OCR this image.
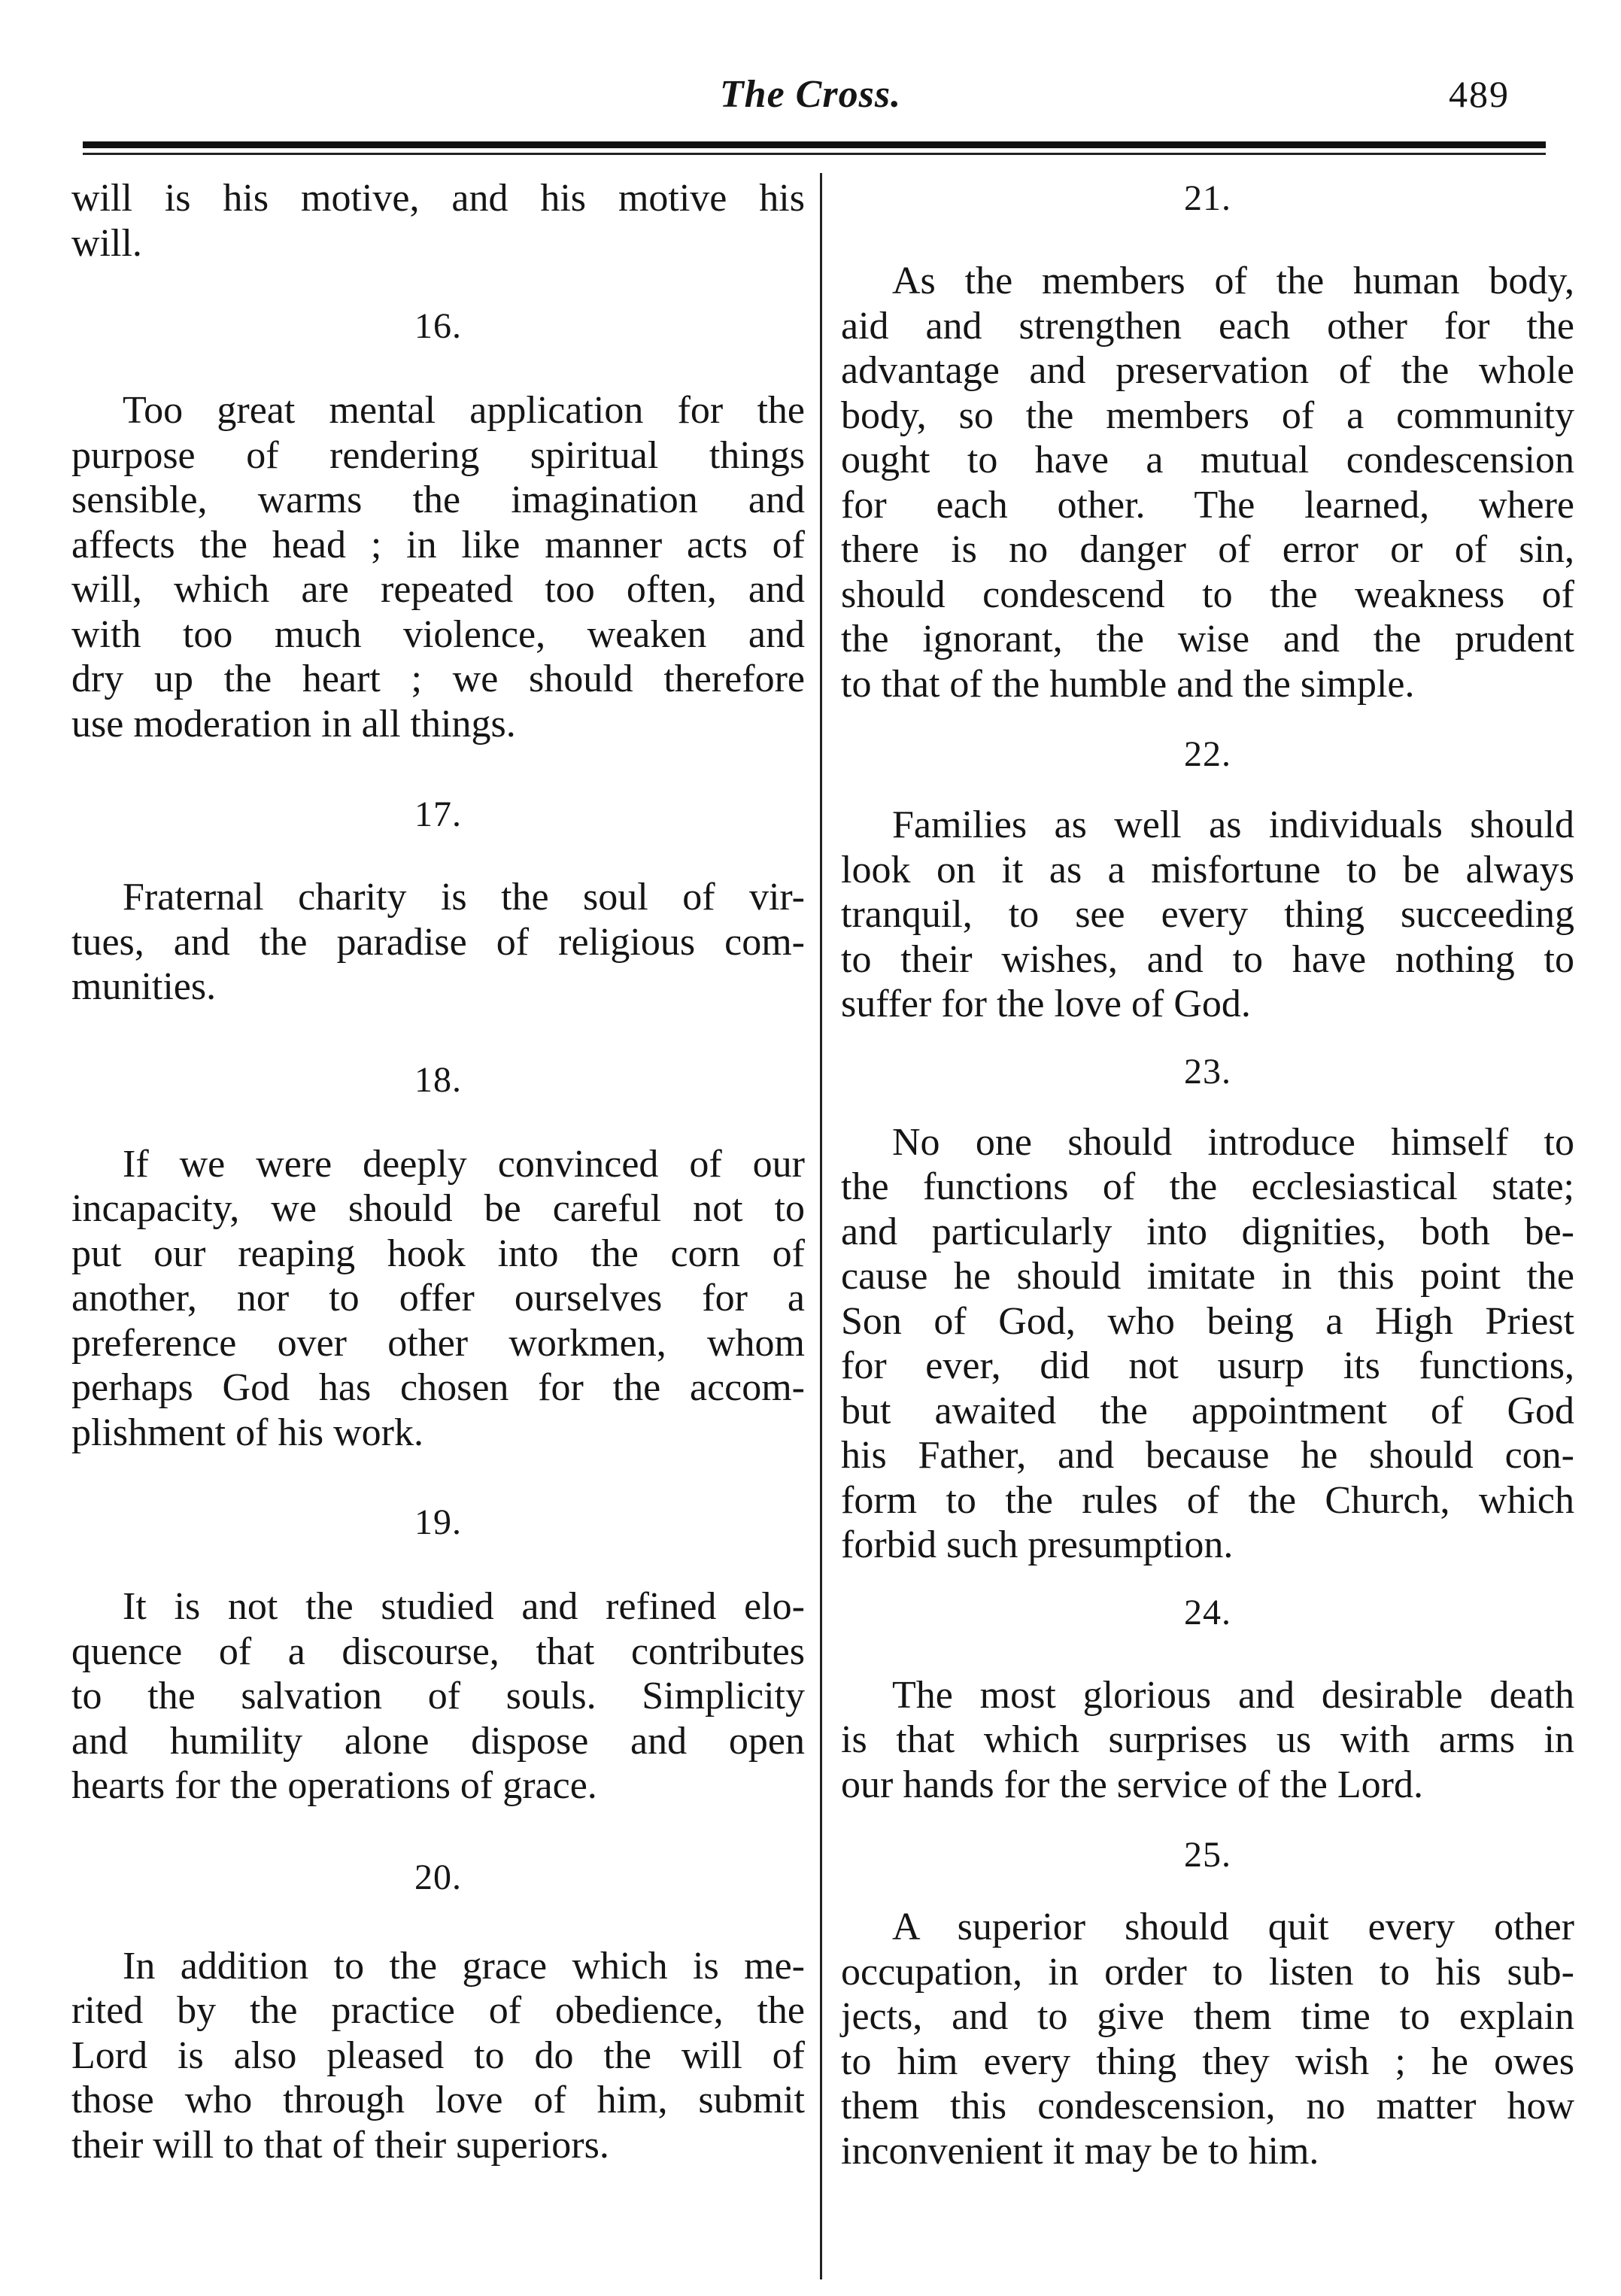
The Cross.	489
will is his motive, and his motive his
will.
16.
Too great mental application for the
purpose of rendering spiritual things
sensible, warms the imagination and
affects the head ; in like manner acts of
will, which are repeated too often, and
with too much violence, weaken and
dry up the heart ; we should therefore
use moderation in all things.
17.
Fraternal charity is the soul of vir-
tues, and the paradise of religious com-
munities.
18.
If we were deeply convinced of our
incapacity, we should be careful not to
put our reaping hook into the corn of
another, nor to offer ourselves for a
preference over other workmen, whom
perhaps God has chosen for the accom-
plishment of his work.
19.
It is not the studied and refined elo-
quence of a discourse, that contributes
to the salvation of souls. Simplicity
and humility alone dispose and open
hearts for the operations of grace.
20.
In addition to the grace which is me-
rited by the practice of obedience, the
Lord is also pleased to do the will of
those who through love of him, submit
their will to that of their superiors.
21.
As the members of the human body,
aid and strengthen each other for the
advantage and preservation of the whole
body, so the members of a community
ought to have a mutual condescension
for each other. The learned, where
there is no danger of error or of sin,
should condescend to the weakness of
the ignorant, the wise and the prudent
to that of the humble and the simple.
22.
Families as well as individuals should
look on it as a misfortune to be always
tranquil, to see every thing succeeding
to their wishes, and to have nothing to
suffer for the love of God.
23.
No one should introduce himself to
the functions of the ecclesiastical state;
and particularly into dignities, both be-
cause he should imitate in this point the
Son of God, who being a High Priest
for ever, did not usurp its functions,
but awaited the appointment of God
his Father, and because he should con-
form to the rules of the Church, which
forbid such presumption.
24.
The most glorious and desirable death
is that which surprises us with arms in
our hands for the service of the Lord.
25.
A superior should quit every other
occupation, in order to listen to his sub-
jects, and to give them time to explain
to him every thing they wish ; he owes
them this condescension, no matter how
inconvenient it may be to him.
